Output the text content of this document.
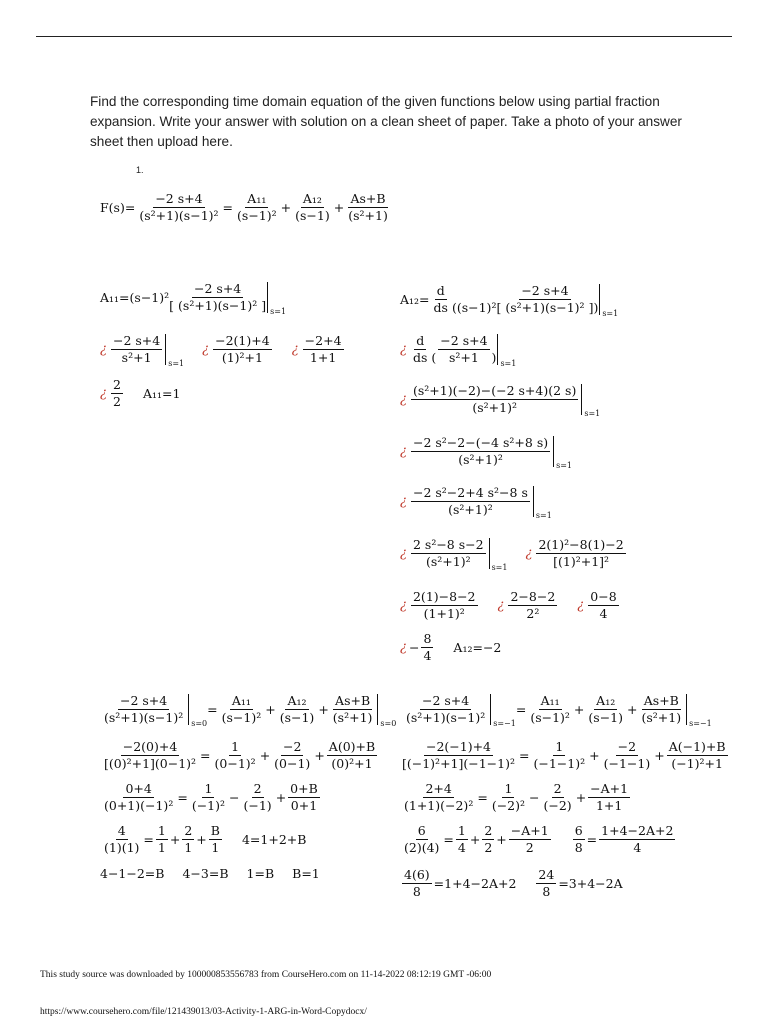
Find the corresponding time domain equation of the given functions below using partial fraction expansion. Write your answer with solution on a clean sheet of paper. Take a photo of your answer sheet then upload here.
1.
$F(s)= \frac{-2 s+4}{\text{(s²+1)(s−1)²}} = \frac{\text{A₁₁}}{\text{(s−1)²}} + \frac{\text{A₁₂}}{(s-1)} + \frac{As+B}{\text{(s²+1)}}$
A₁₁=(s−1)²
[ $\frac{-2 s+4}{\text{(s²+1)(s−1)²}}$ ] s=1
¿ $\frac{-2 s+4}{\text{s²+1}} s=1$
¿ $\frac{-2(1)+4}{\text{(1)²+1}}$ ¿ $\frac{-2+4}{1+1}$
¿ $\frac{2}{2} A_{11}=1$
$A_{12}= \frac{d}{ds}$ ( (s−1)² [ $\frac{-2 s+4}{\text{(s²+1)(s−1)²}}$ ]) s=1
¿ $\frac{d}{ds}$ ( $\frac{-2 s+4}{\text{s²+1}}$ ) s=1
¿ $\frac{\text{(s²+1)(−2)−(−2 s+4)(2 s)}}{\text{(s²+1)²}} s=1$
¿ $\frac{\text{−2 s²−2−(−4 s²+8 s)}}{\text{(s²+1)²}} s=1$
¿ $\frac{\text{−2 s²−2+4 s²−8 s}}{\text{(s²+1)²}} s=1$
¿ $\frac{\text{2 s²−8 s−2}}{\text{(s²+1)²}} s=1$
¿ $\frac{\text{2(1)²−8(1)−2}}{\text{[(1)²+1]²}}$
¿ $\frac{2(1)-8-2}{\text{(1+1)²}}$ ¿ $\frac{2-8-2}{\text{2²}}$ ¿ $\frac{0-8}{4}$
¿ − $\frac{8}{4} A_{12}=-2$
$\frac{-2 s+4}{\text{(s²+1)(s−1)²}} s=0$
= $\frac{\text{A₁₁}}{\text{(s−1)²}} + \frac{\text{A₁₂}}{(s-1)} + \frac{As+B}{\text{(s²+1)}} s=0$
$\frac{-2(0)+4}{\text{[(0)²+1](0−1)²}} = \frac{1}{\text{(0−1)²}} + \frac{-2}{(0-1)} + \frac{A(0)+B}{\text{(0)²+1}}$
$\frac{0+4}{\text{(0+1)(−1)²}} = \frac{1}{\text{(−1)²}} - \frac{2}{(-1)} + \frac{0+B}{0+1}$
$\frac{4}{(1)(1)} = \frac{1}{1} + \frac{2}{1} + \frac{B}{1} 4=1+2+B$
4−1−2=B 4−3=B 1=B B=1
$\frac{-2 s+4}{\text{(s²+1)(s−1)²}} s=-1$
= $\frac{\text{A₁₁}}{\text{(s−1)²}} + \frac{\text{A₁₂}}{(s-1)} + \frac{As+B}{\text{(s²+1)}} s=-1$
$\frac{-2(-1)+4}{\text{[(−1)²+1](−1−1)²}} = \frac{1}{\text{(−1−1)²}} + \frac{-2}{(-1-1)} + \frac{A(-1)+B}{\text{(−1)²+1}}$
$\frac{2+4}{\text{(1+1)(−2)²}} = \frac{1}{\text{(−2)²}} - \frac{2}{(-2)} + \frac{-A+1}{1+1}$
$\frac{6}{(2)(4)} = \frac{1}{4} + \frac{2}{2} + \frac{-A+1}{2} \frac{6}{8} = \frac{1+4-2A+2}{4}$
$\frac{4(6)}{8} =1+4-2A+2 \frac{24}{8} =3+4-2A$
This study source was downloaded by 100000853556783 from CourseHero.com on 11-14-2022 08:12:19 GMT -06:00
https://www.coursehero.com/file/121439013/03-Activity-1-ARG-in-Word-Copydocx/
